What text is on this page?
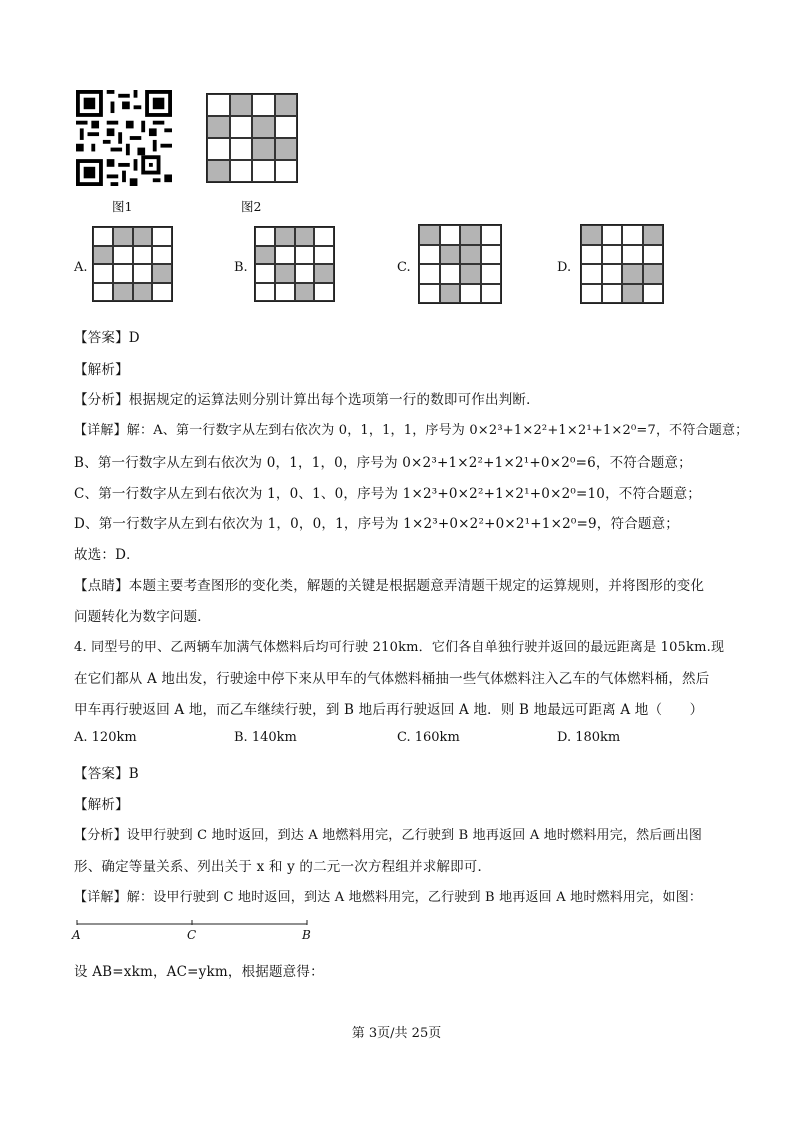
图1	图2
A.	B.	C.	D.
【答案】D
【解析】
【分析】根据规定的运算法则分别计算出每个选项第一行的数即可作出判断．
【详解】解：A、第一行数字从左到右依次为 0，1，1，1，序号为 0×2³+1×2²+1×2¹+1×2⁰=7，不符合题意；
B、第一行数字从左到右依次为 0，1，1，0，序号为 0×2³+1×2²+1×2¹+0×2⁰=6，不符合题意；
C、第一行数字从左到右依次为 1，0、1、0，序号为 1×2³+0×2²+1×2¹+0×2⁰=10，不符合题意；
D、第一行数字从左到右依次为 1，0，0，1，序号为 1×2³+0×2²+0×2¹+1×2⁰=9，符合题意；
故选：D．
【点睛】本题主要考查图形的变化类，解题的关键是根据题意弄清题干规定的运算规则，并将图形的变化
问题转化为数字问题．
4. 同型号的甲、乙两辆车加满气体燃料后均可行驶 210km．它们各自单独行驶并返回的最远距离是 105km.现
在它们都从 A 地出发，行驶途中停下来从甲车的气体燃料桶抽一些气体燃料注入乙车的气体燃料桶，然后
甲车再行驶返回 A 地，而乙车继续行驶，到 B 地后再行驶返回 A 地．则 B 地最远可距离 A 地（　　）
A. 120km	B. 140km	C. 160km	D. 180km
【答案】B
【解析】
【分析】设甲行驶到 C 地时返回，到达 A 地燃料用完，乙行驶到 B 地再返回 A 地时燃料用完，然后画出图
形、确定等量关系、列出关于 x 和 y 的二元一次方程组并求解即可．
【详解】解：设甲行驶到 C 地时返回，到达 A 地燃料用完，乙行驶到 B 地再返回 A 地时燃料用完，如图：
A	C	B
设 AB=xkm，AC=ykm，根据题意得：
第 3页/共 25页
